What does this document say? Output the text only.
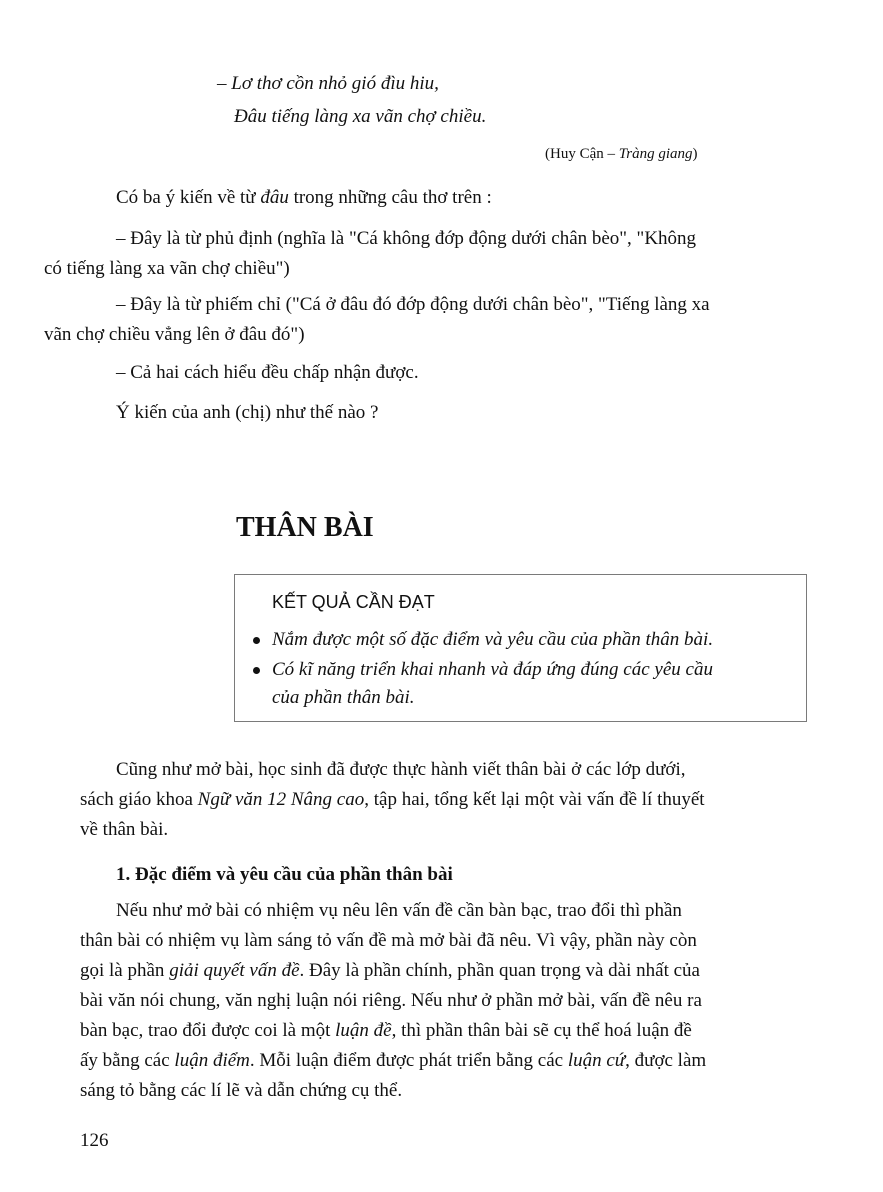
– Lơ thơ cồn nhỏ gió đìu hiu,
Đâu tiếng làng xa vãn chợ chiều.
(Huy Cận – Tràng giang)
Có ba ý kiến về từ đâu trong những câu thơ trên :
– Đây là từ phủ định (nghĩa là "Cá không đớp động dưới chân bèo", "Không
có tiếng làng xa vãn chợ chiều")
– Đây là từ phiếm chỉ ("Cá ở đâu đó đớp động dưới chân bèo", "Tiếng làng xa
vãn chợ chiều vẳng lên ở đâu đó")
– Cả hai cách hiểu đều chấp nhận được.
Ý kiến của anh (chị) như thế nào ?
THÂN BÀI
KẾT QUẢ CẦN ĐẠT
Nắm được một số đặc điểm và yêu cầu của phần thân bài.
Có kĩ năng triển khai nhanh và đáp ứng đúng các yêu cầu
của phần thân bài.
Cũng như mở bài, học sinh đã được thực hành viết thân bài ở các lớp dưới,
sách giáo khoa Ngữ văn 12 Nâng cao, tập hai, tổng kết lại một vài vấn đề lí thuyết
về thân bài.
1. Đặc điểm và yêu cầu của phần thân bài
Nếu như mở bài có nhiệm vụ nêu lên vấn đề cần bàn bạc, trao đổi thì phần
thân bài có nhiệm vụ làm sáng tỏ vấn đề mà mở bài đã nêu. Vì vậy, phần này còn
gọi là phần giải quyết vấn đề. Đây là phần chính, phần quan trọng và dài nhất của
bài văn nói chung, văn nghị luận nói riêng. Nếu như ở phần mở bài, vấn đề nêu ra
bàn bạc, trao đổi được coi là một luận đề, thì phần thân bài sẽ cụ thể hoá luận đề
ấy bằng các luận điểm. Mỗi luận điểm được phát triển bằng các luận cứ, được làm
sáng tỏ bằng các lí lẽ và dẫn chứng cụ thể.
126
